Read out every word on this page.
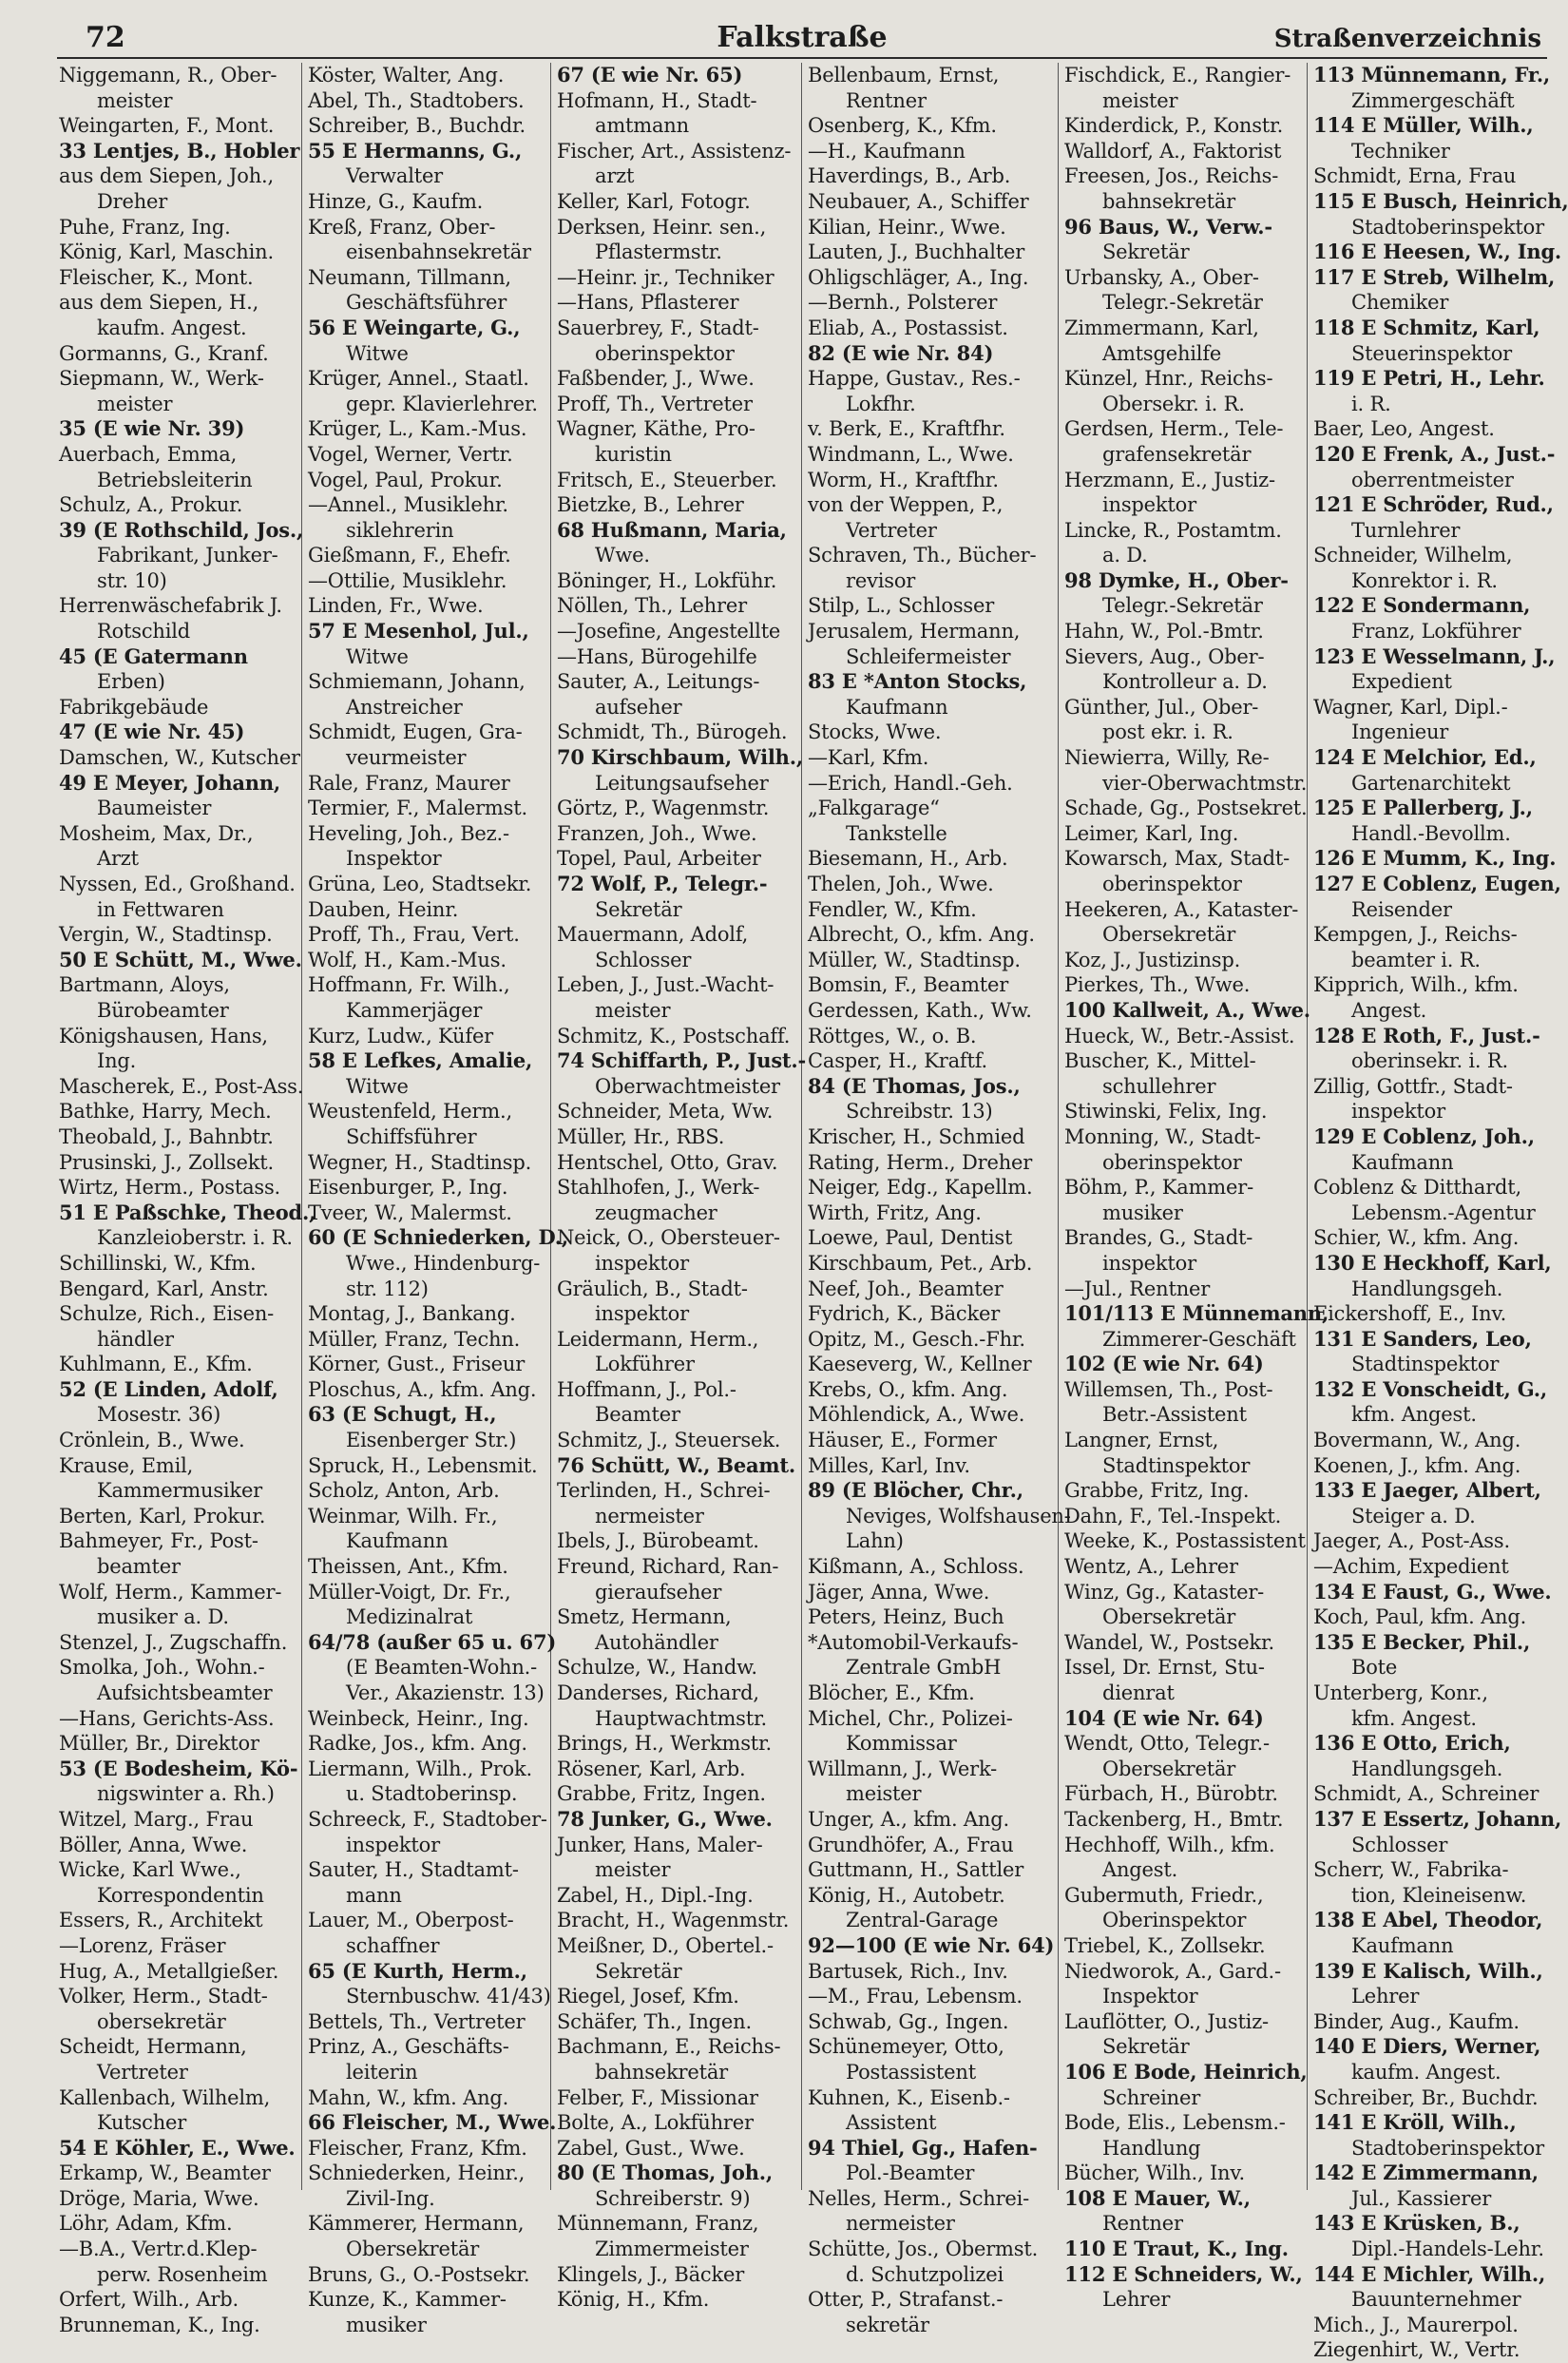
72	Falkstraße	Straßenverzeichnis
Niggemann, R., Ober-
meister
Weingarten, F., Mont.
33 Lentjes, B., Hobler
aus dem Siepen, Joh.,
Dreher
Puhe, Franz, Ing.
König, Karl, Maschin.
Fleischer, K., Mont.
aus dem Siepen, H.,
kaufm. Angest.
Gormanns, G., Kranf.
Siepmann, W., Werk-
meister
35 (E wie Nr. 39)
Auerbach, Emma,
Betriebsleiterin
Schulz, A., Prokur.
39 (E Rothschild, Jos.,
Fabrikant, Junker-
str. 10)
Herrenwäschefabrik J.
Rotschild
45 (E Gatermann
Erben)
Fabrikgebäude
47 (E wie Nr. 45)
Damschen, W., Kutscher
49 E Meyer, Johann,
Baumeister
Mosheim, Max, Dr.,
Arzt
Nyssen, Ed., Großhand.
in Fettwaren
Vergin, W., Stadtinsp.
50 E Schütt, M., Wwe.
Bartmann, Aloys,
Bürobeamter
Königshausen, Hans,
Ing.
Mascherek, E., Post-Ass.
Bathke, Harry, Mech.
Theobald, J., Bahnbtr.
Prusinski, J., Zollsekt.
Wirtz, Herm., Postass.
51 E Paßschke, Theod.,
Kanzleioberstr. i. R.
Schillinski, W., Kfm.
Bengard, Karl, Anstr.
Schulze, Rich., Eisen-
händler
Kuhlmann, E., Kfm.
52 (E Linden, Adolf,
Mosestr. 36)
Crönlein, B., Wwe.
Krause, Emil,
Kammermusiker
Berten, Karl, Prokur.
Bahmeyer, Fr., Post-
beamter
Wolf, Herm., Kammer-
musiker a. D.
Stenzel, J., Zugschaffn.
Smolka, Joh., Wohn.-
Aufsichtsbeamter
—Hans, Gerichts-Ass.
Müller, Br., Direktor
53 (E Bodesheim, Kö-
nigswinter a. Rh.)
Witzel, Marg., Frau
Böller, Anna, Wwe.
Wicke, Karl Wwe.,
Korrespondentin
Essers, R., Architekt
—Lorenz, Fräser
Hug, A., Metallgießer.
Volker, Herm., Stadt-
obersekretär
Scheidt, Hermann,
Vertreter
Kallenbach, Wilhelm,
Kutscher
54 E Köhler, E., Wwe.
Erkamp, W., Beamter
Dröge, Maria, Wwe.
Löhr, Adam, Kfm.
—B.A., Vertr.d.Klep-
perw. Rosenheim
Orfert, Wilh., Arb.
Brunneman, K., Ing.
Köster, Walter, Ang.
Abel, Th., Stadtobers.
Schreiber, B., Buchdr.
55 E Hermanns, G.,
Verwalter
Hinze, G., Kaufm.
Kreß, Franz, Ober-
eisenbahnsekretär
Neumann, Tillmann,
Geschäftsführer
56 E Weingarte, G.,
Witwe
Krüger, Annel., Staatl.
gepr. Klavierlehrer.
Krüger, L., Kam.-Mus.
Vogel, Werner, Vertr.
Vogel, Paul, Prokur.
—Annel., Musiklehr.
siklehrerin
Gießmann, F., Ehefr.
—Ottilie, Musiklehr.
Linden, Fr., Wwe.
57 E Mesenhol, Jul.,
Witwe
Schmiemann, Johann,
Anstreicher
Schmidt, Eugen, Gra-
veurmeister
Rale, Franz, Maurer
Termier, F., Malermst.
Heveling, Joh., Bez.-
Inspektor
Grüna, Leo, Stadtsekr.
Dauben, Heinr.
Proff, Th., Frau, Vert.
Wolf, H., Kam.-Mus.
Hoffmann, Fr. Wilh.,
Kammerjäger
Kurz, Ludw., Küfer
58 E Lefkes, Amalie,
Witwe
Weustenfeld, Herm.,
Schiffsführer
Wegner, H., Stadtinsp.
Eisenburger, P., Ing.
Tveer, W., Malermst.
60 (E Schniederken, D.,
Wwe., Hindenburg-
str. 112)
Montag, J., Bankang.
Müller, Franz, Techn.
Körner, Gust., Friseur
Ploschus, A., kfm. Ang.
63 (E Schugt, H.,
Eisenberger Str.)
Spruck, H., Lebensmit.
Scholz, Anton, Arb.
Weinmar, Wilh. Fr.,
Kaufmann
Theissen, Ant., Kfm.
Müller-Voigt, Dr. Fr.,
Medizinalrat
64/78 (außer 65 u. 67)
(E Beamten-Wohn.-
Ver., Akazienstr. 13)
Weinbeck, Heinr., Ing.
Radke, Jos., kfm. Ang.
Liermann, Wilh., Prok.
u. Stadtoberinsp.
Schreeck, F., Stadtober-
inspektor
Sauter, H., Stadtamt-
mann
Lauer, M., Oberpost-
schaffner
65 (E Kurth, Herm.,
Sternbuschw. 41/43)
Bettels, Th., Vertreter
Prinz, A., Geschäfts-
leiterin
Mahn, W., kfm. Ang.
66 Fleischer, M., Wwe.
Fleischer, Franz, Kfm.
Schniederken, Heinr.,
Zivil-Ing.
Kämmerer, Hermann,
Obersekretär
Bruns, G., O.-Postsekr.
Kunze, K., Kammer-
musiker
67 (E wie Nr. 65)
Hofmann, H., Stadt-
amtmann
Fischer, Art., Assistenz-
arzt
Keller, Karl, Fotogr.
Derksen, Heinr. sen.,
Pflastermstr.
—Heinr. jr., Techniker
—Hans, Pflasterer
Sauerbrey, F., Stadt-
oberinspektor
Faßbender, J., Wwe.
Proff, Th., Vertreter
Wagner, Käthe, Pro-
kuristin
Fritsch, E., Steuerber.
Bietzke, B., Lehrer
68 Hußmann, Maria,
Wwe.
Böninger, H., Lokführ.
Nöllen, Th., Lehrer
—Josefine, Angestellte
—Hans, Bürogehilfe
Sauter, A., Leitungs-
aufseher
Schmidt, Th., Bürogeh.
70 Kirschbaum, Wilh.,
Leitungsaufseher
Görtz, P., Wagenmstr.
Franzen, Joh., Wwe.
Topel, Paul, Arbeiter
72 Wolf, P., Telegr.-
Sekretär
Mauermann, Adolf,
Schlosser
Leben, J., Just.-Wacht-
meister
Schmitz, K., Postschaff.
74 Schiffarth, P., Just.-
Oberwachtmeister
Schneider, Meta, Ww.
Müller, Hr., RBS.
Hentschel, Otto, Grav.
Stahlhofen, J., Werk-
zeugmacher
Neick, O., Obersteuer-
inspektor
Gräulich, B., Stadt-
inspektor
Leidermann, Herm.,
Lokführer
Hoffmann, J., Pol.-
Beamter
Schmitz, J., Steuersek.
76 Schütt, W., Beamt.
Terlinden, H., Schrei-
nermeister
Ibels, J., Bürobeamt.
Freund, Richard, Ran-
gieraufseher
Smetz, Hermann,
Autohändler
Schulze, W., Handw.
Danderses, Richard,
Hauptwachtmstr.
Brings, H., Werkmstr.
Rösener, Karl, Arb.
Grabbe, Fritz, Ingen.
78 Junker, G., Wwe.
Junker, Hans, Maler-
meister
Zabel, H., Dipl.-Ing.
Bracht, H., Wagenmstr.
Meißner, D., Obertel.-
Sekretär
Riegel, Josef, Kfm.
Schäfer, Th., Ingen.
Bachmann, E., Reichs-
bahnsekretär
Felber, F., Missionar
Bolte, A., Lokführer
Zabel, Gust., Wwe.
80 (E Thomas, Joh.,
Schreiberstr. 9)
Münnemann, Franz,
Zimmermeister
Klingels, J., Bäcker
König, H., Kfm.
Bellenbaum, Ernst,
Rentner
Osenberg, K., Kfm.
—H., Kaufmann
Haverdings, B., Arb.
Neubauer, A., Schiffer
Kilian, Heinr., Wwe.
Lauten, J., Buchhalter
Ohligschläger, A., Ing.
—Bernh., Polsterer
Eliab, A., Postassist.
82 (E wie Nr. 84)
Happe, Gustav., Res.-
Lokfhr.
v. Berk, E., Kraftfhr.
Windmann, L., Wwe.
Worm, H., Kraftfhr.
von der Weppen, P.,
Vertreter
Schraven, Th., Bücher-
revisor
Stilp, L., Schlosser
Jerusalem, Hermann,
Schleifermeister
83 E *Anton Stocks,
Kaufmann
Stocks, Wwe.
—Karl, Kfm.
—Erich, Handl.-Geh.
„Falkgarage“
Tankstelle
Biesemann, H., Arb.
Thelen, Joh., Wwe.
Fendler, W., Kfm.
Albrecht, O., kfm. Ang.
Müller, W., Stadtinsp.
Bomsin, F., Beamter
Gerdessen, Kath., Ww.
Röttges, W., o. B.
Casper, H., Kraftf.
84 (E Thomas, Jos.,
Schreibstr. 13)
Krischer, H., Schmied
Rating, Herm., Dreher
Neiger, Edg., Kapellm.
Wirth, Fritz, Ang.
Loewe, Paul, Dentist
Kirschbaum, Pet., Arb.
Neef, Joh., Beamter
Fydrich, K., Bäcker
Opitz, M., Gesch.-Fhr.
Kaeseverg, W., Kellner
Krebs, O., kfm. Ang.
Möhlendick, A., Wwe.
Häuser, E., Former
Milles, Karl, Inv.
89 (E Blöcher, Chr.,
Neviges, Wolfshausen-
Lahn)
Kißmann, A., Schloss.
Jäger, Anna, Wwe.
Peters, Heinz, Buch
*Automobil-Verkaufs-
Zentrale GmbH
Blöcher, E., Kfm.
Michel, Chr., Polizei-
Kommissar
Willmann, J., Werk-
meister
Unger, A., kfm. Ang.
Grundhöfer, A., Frau
Guttmann, H., Sattler
König, H., Autobetr.
Zentral-Garage
92—100 (E wie Nr. 64)
Bartusek, Rich., Inv.
—M., Frau, Lebensm.
Schwab, Gg., Ingen.
Schünemeyer, Otto,
Postassistent
Kuhnen, K., Eisenb.-
Assistent
94 Thiel, Gg., Hafen-
Pol.-Beamter
Nelles, Herm., Schrei-
nermeister
Schütte, Jos., Obermst.
d. Schutzpolizei
Otter, P., Strafanst.-
sekretär
Fischdick, E., Rangier-
meister
Kinderdick, P., Konstr.
Walldorf, A., Faktorist
Freesen, Jos., Reichs-
bahnsekretär
96 Baus, W., Verw.-
Sekretär
Urbansky, A., Ober-
Telegr.-Sekretär
Zimmermann, Karl,
Amtsgehilfe
Künzel, Hnr., Reichs-
Obersekr. i. R.
Gerdsen, Herm., Tele-
grafensekretär
Herzmann, E., Justiz-
inspektor
Lincke, R., Postamtm.
a. D.
98 Dymke, H., Ober-
Telegr.-Sekretär
Hahn, W., Pol.-Bmtr.
Sievers, Aug., Ober-
Kontrolleur a. D.
Günther, Jul., Ober-
post ekr. i. R.
Niewierra, Willy, Re-
vier-Oberwachtmstr.
Schade, Gg., Postsekret.
Leimer, Karl, Ing.
Kowarsch, Max, Stadt-
oberinspektor
Heekeren, A., Kataster-
Obersekretär
Koz, J., Justizinsp.
Pierkes, Th., Wwe.
100 Kallweit, A., Wwe.
Hueck, W., Betr.-Assist.
Buscher, K., Mittel-
schullehrer
Stiwinski, Felix, Ing.
Monning, W., Stadt-
oberinspektor
Böhm, P., Kammer-
musiker
Brandes, G., Stadt-
inspektor
—Jul., Rentner
101/113 E Münnemann,
Zimmerer-Geschäft
102 (E wie Nr. 64)
Willemsen, Th., Post-
Betr.-Assistent
Langner, Ernst,
Stadtinspektor
Grabbe, Fritz, Ing.
Dahn, F., Tel.-Inspekt.
Weeke, K., Postassistent
Wentz, A., Lehrer
Winz, Gg., Kataster-
Obersekretär
Wandel, W., Postsekr.
Issel, Dr. Ernst, Stu-
dienrat
104 (E wie Nr. 64)
Wendt, Otto, Telegr.-
Obersekretär
Fürbach, H., Bürobtr.
Tackenberg, H., Bmtr.
Hechhoff, Wilh., kfm.
Angest.
Gubermuth, Friedr.,
Oberinspektor
Triebel, K., Zollsekr.
Niedworok, A., Gard.-
Inspektor
Lauflötter, O., Justiz-
Sekretär
106 E Bode, Heinrich,
Schreiner
Bode, Elis., Lebensm.-
Handlung
Bücher, Wilh., Inv.
108 E Mauer, W.,
Rentner
110 E Traut, K., Ing.
112 E Schneiders, W.,
Lehrer
113 Münnemann, Fr.,
Zimmergeschäft
114 E Müller, Wilh.,
Techniker
Schmidt, Erna, Frau
115 E Busch, Heinrich,
Stadtoberinspektor
116 E Heesen, W., Ing.
117 E Streb, Wilhelm,
Chemiker
118 E Schmitz, Karl,
Steuerinspektor
119 E Petri, H., Lehr.
i. R.
Baer, Leo, Angest.
120 E Frenk, A., Just.-
oberrentmeister
121 E Schröder, Rud.,
Turnlehrer
Schneider, Wilhelm,
Konrektor i. R.
122 E Sondermann,
Franz, Lokführer
123 E Wesselmann, J.,
Expedient
Wagner, Karl, Dipl.-
Ingenieur
124 E Melchior, Ed.,
Gartenarchitekt
125 E Pallerberg, J.,
Handl.-Bevollm.
126 E Mumm, K., Ing.
127 E Coblenz, Eugen,
Reisender
Kempgen, J., Reichs-
beamter i. R.
Kipprich, Wilh., kfm.
Angest.
128 E Roth, F., Just.-
oberinsekr. i. R.
Zillig, Gottfr., Stadt-
inspektor
129 E Coblenz, Joh.,
Kaufmann
Coblenz & Ditthardt,
Lebensm.-Agentur
Schier, W., kfm. Ang.
130 E Heckhoff, Karl,
Handlungsgeh.
Eickershoff, E., Inv.
131 E Sanders, Leo,
Stadtinspektor
132 E Vonscheidt, G.,
kfm. Angest.
Bovermann, W., Ang.
Koenen, J., kfm. Ang.
133 E Jaeger, Albert,
Steiger a. D.
Jaeger, A., Post-Ass.
—Achim, Expedient
134 E Faust, G., Wwe.
Koch, Paul, kfm. Ang.
135 E Becker, Phil.,
Bote
Unterberg, Konr.,
kfm. Angest.
136 E Otto, Erich,
Handlungsgeh.
Schmidt, A., Schreiner
137 E Essertz, Johann,
Schlosser
Scherr, W., Fabrika-
tion, Kleineisenw.
138 E Abel, Theodor,
Kaufmann
139 E Kalisch, Wilh.,
Lehrer
Binder, Aug., Kaufm.
140 E Diers, Werner,
kaufm. Angest.
Schreiber, Br., Buchdr.
141 E Kröll, Wilh.,
Stadtoberinspektor
142 E Zimmermann,
Jul., Kassierer
143 E Krüsken, B.,
Dipl.-Handels-Lehr.
144 E Michler, Wilh.,
Bauunternehmer
Mich., J., Maurerpol.
Ziegenhirt, W., Vertr.
